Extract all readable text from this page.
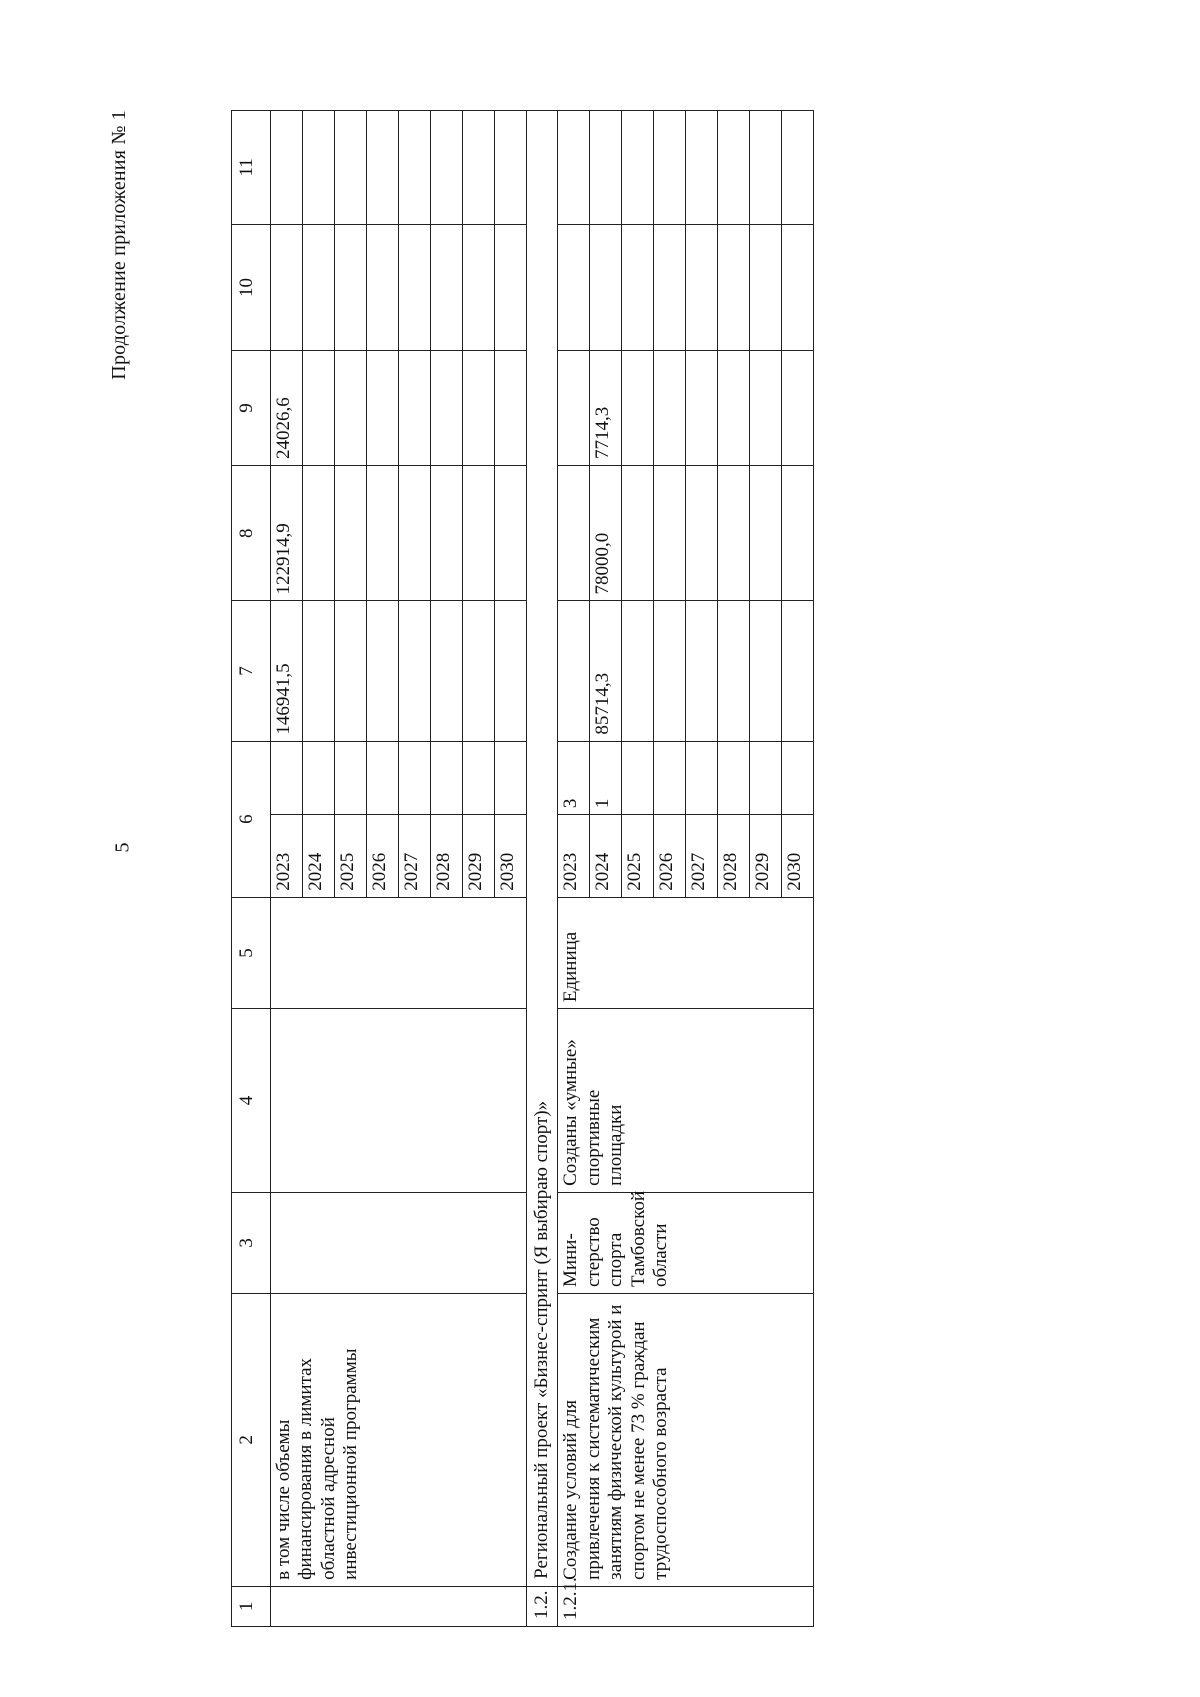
5
Продолжение приложения № 1
1	2	3	4	5	6		7	8	9	10	11
	в том числе объемы финансирования в лимитах областной адресной инвестиционной программы				2023		146941,5	122914,9	24026,6		
					2024						
					2025						
					2026						
					2027						
					2028						
					2029						
					2030						
1.2.	Региональный проект «Бизнес-спринт (Я выбираю спорт)»										
1.2.1.	Создание условий для привлечения к систематическим занятиям физической культурой и спортом не менее 73 % граждан трудоспособного возраста	Мини-стерство спорта Тамбовской области	Созданы «умные» спортивные площадки	Единица	2023	3					
					2024	1	85714,3	78000,0	7714,3		
					2025						
					2026						
					2027						
					2028						
					2029						
					2030						
